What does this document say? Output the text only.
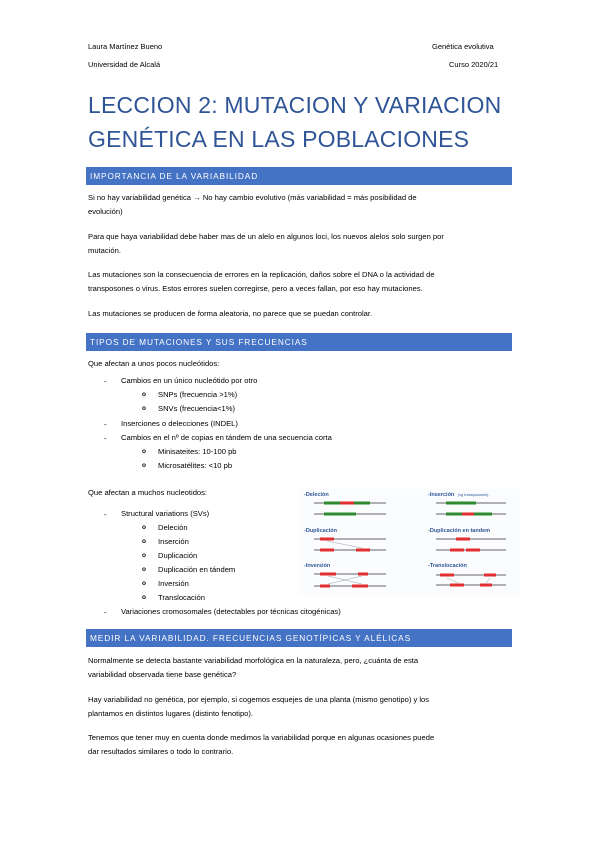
Laura Martínez Bueno
Universidad de Alcalá
Genética evolutiva
Curso 2020/21
LECCION 2: MUTACION Y VARIACION
GENÉTICA EN LAS POBLACIONES
IMPORTANCIA DE LA VARIABILIDAD
Si no hay variabilidad genética → No hay cambio evolutivo (más variabilidad = más posibilidad de
evolución)
Para que haya variabilidad debe haber mas de un alelo en algunos loci, los nuevos alelos solo surgen por
mutación.
Las mutaciones son la consecuencia de errores en la replicación, daños sobre el DNA o la actividad de
transposones o virus. Estos errores suelen corregirse, pero a veces fallan, por eso hay mutaciones.
Las mutaciones se producen de forma aleatoria, no parece que se puedan controlar.
TIPOS DE MUTACIONES Y SUS FRECUENCIAS
Que afectan a unos pocos nucleótidos:
- Cambios en un único nucleótido por otro
o SNPs (frecuencia >1%)
o SNVs (frecuencia<1%)
- Inserciones o delecciones (INDEL)
- Cambios en el nº de copias en tándem de una secuencia corta
o Minisateites: 10-100 pb
o Microsatélites: <10 pb
Que afectan a muchos nucleotidos:
- Structural variations (SVs)
o Deleción
o Inserción
o Duplicación
o Duplicación en tándem
o Inversión
o Translocación
- Variaciones cromosomales (detectables por técnicas citogénicas)
-Deleción	-Inserción (vg transposones)
-Duplicación	-Duplicación en tandem
-Inversión	-Translocación
MEDIR LA VARIABILIDAD. FRECUENCIAS GENOTÍPICAS Y ALÉLICAS
Normalmente se detecta bastante variabilidad morfológica en la naturaleza, pero, ¿cuánta de esta
variabilidad observada tiene base genética?
Hay variabilidad no genética, por ejemplo, si cogemos esquejes de una planta (mismo genotipo) y los
plantamos en distintos lugares (distinto fenotipo).
Tenemos que tener muy en cuenta donde medimos la variabilidad porque en algunas ocasiones puede
dar resultados similares o todo lo contrario.
